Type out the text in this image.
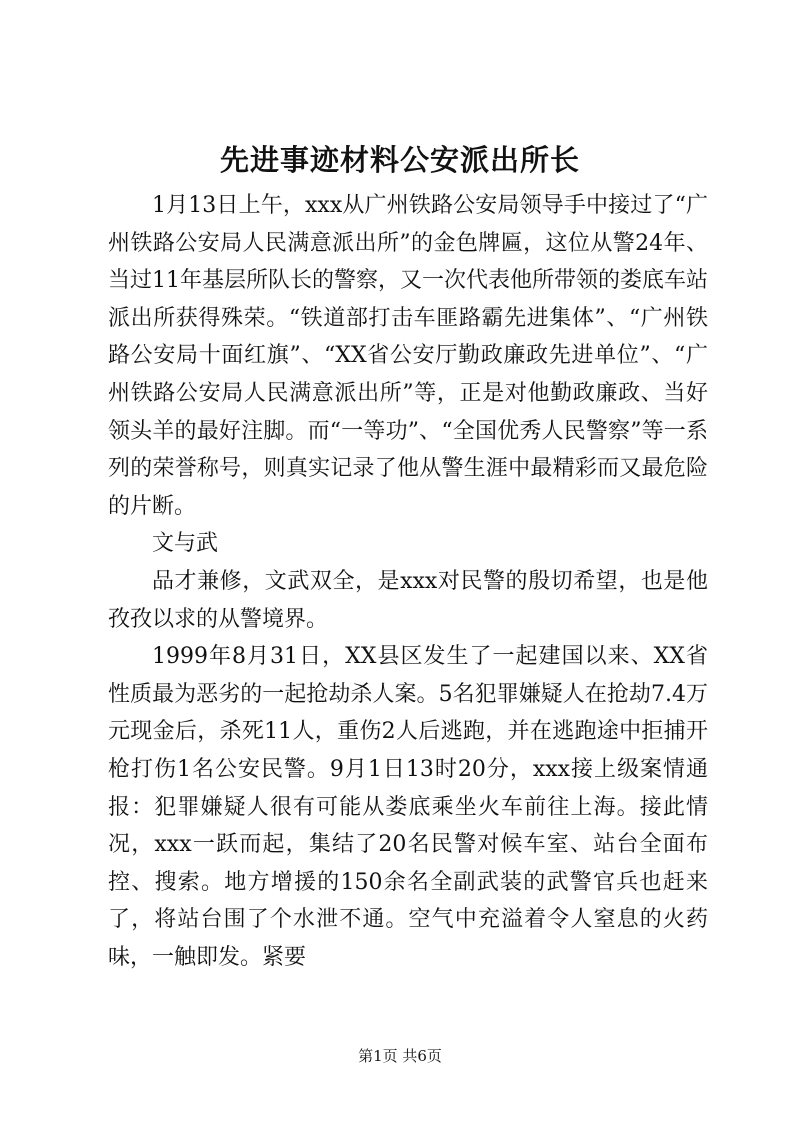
先进事迹材料公安派出所长

1月13日上午，xxx从广州铁路公安局领导手中接过了“广州铁路公安局人民满意派出所”的金色牌匾，这位从警24年、当过11年基层所队长的警察，又一次代表他所带领的娄底车站派出所获得殊荣。“铁道部打击车匪路霸先进集体”、“广州铁路公安局十面红旗”、“XX省公安厅勤政廉政先进单位”、“广州铁路公安局人民满意派出所”等，正是对他勤政廉政、当好领头羊的最好注脚。而“一等功”、“全国优秀人民警察”等一系列的荣誉称号，则真实记录了他从警生涯中最精彩而又最危险的片断。

文与武

品才兼修，文武双全，是xxx对民警的殷切希望，也是他孜孜以求的从警境界。

1999年8月31日，XX县区发生了一起建国以来、XX省性质最为恶劣的一起抢劫杀人案。5名犯罪嫌疑人在抢劫7.4万元现金后，杀死11人，重伤2人后逃跑，并在逃跑途中拒捕开枪打伤1名公安民警。9月1日13时20分，xxx接上级案情通报：犯罪嫌疑人很有可能从娄底乘坐火车前往上海。接此情况，xxx一跃而起，集结了20名民警对候车室、站台全面布控、搜索。地方增援的150余名全副武装的武警官兵也赶来了，将站台围了个水泄不通。空气中充溢着令人窒息的火药味，一触即发。紧要

第1页 共6页
